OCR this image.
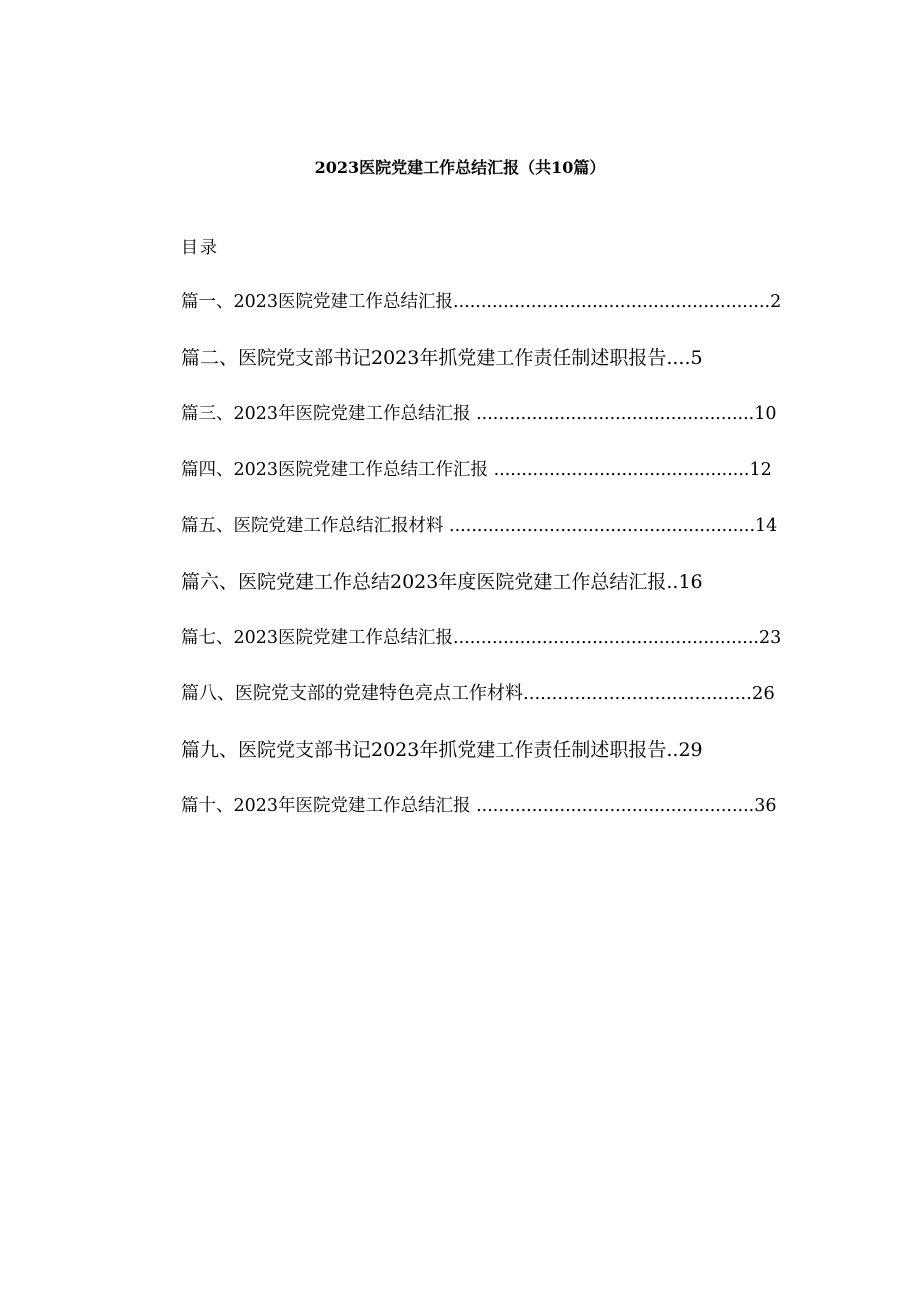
2023医院党建工作总结汇报（共10篇）
目录
篇一、2023医院党建工作总结汇报.........................................................2
篇二、医院党支部书记2023年抓党建工作责任制述职报告....5
篇三、2023年医院党建工作总结汇报 ..................................................10
篇四、2023医院党建工作总结工作汇报 ..............................................12
篇五、医院党建工作总结汇报材料 .......................................................14
篇六、医院党建工作总结2023年度医院党建工作总结汇报..16
篇七、2023医院党建工作总结汇报.......................................................23
篇八、医院党支部的党建特色亮点工作材料........................................26
篇九、医院党支部书记2023年抓党建工作责任制述职报告..29
篇十、2023年医院党建工作总结汇报 ..................................................36
